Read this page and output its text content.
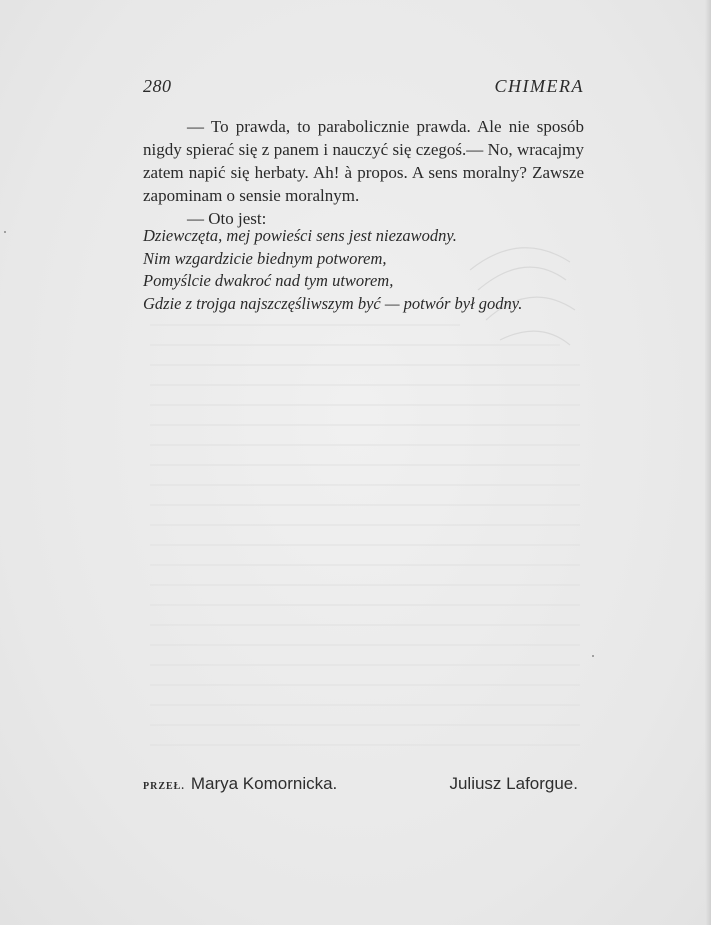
280	CHIMERA

— To prawda, to parabolicznie prawda. Ale nie sposób nigdy spierać się z panem i nauczyć się czegoś.— No, wracajmy zatem napić się herbaty. Ah! à propos. A sens moralny? Zawsze zapominam o sensie moralnym.

— Oto jest:

Dziewczęta, mej powieści sens jest niezawodny.
Nim wzgardzicie biednym potworem,
Pomyślcie dwakroć nad tym utworem,
Gdzie z trojga najszczęśliwszym być — potwór był godny.
PRZEŁ. Marya Komornicka.	Juliusz Laforgue.
